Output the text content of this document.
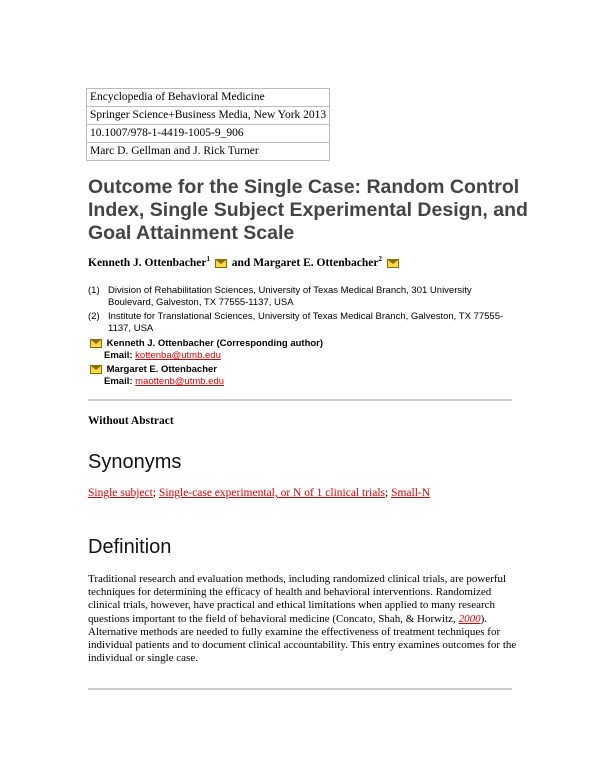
Encyclopedia of Behavioral Medicine
Springer Science+Business Media, New York 2013
10.1007/978-1-4419-1005-9_906
Marc D. Gellman and J. Rick Turner
Outcome for the Single Case: Random Control Index, Single Subject Experimental Design, and Goal Attainment Scale
Kenneth J. Ottenbacher$^1$ and Margaret E. Ottenbacher$^2$
(1) Division of Rehabilitation Sciences, University of Texas Medical Branch, 301 University Boulevard, Galveston, TX 77555-1137, USA
(2) Institute for Translational Sciences, University of Texas Medical Branch, Galveston, TX 77555-1137, USA
Kenneth J. Ottenbacher (Corresponding author)
Email: kottenba@utmb.edu
Margaret E. Ottenbacher
Email: maottenb@utmb.edu
Without Abstract
Synonyms
Single subject; Single-case experimental, or N of 1 clinical trials; Small-N
Definition
Traditional research and evaluation methods, including randomized clinical trials, are powerful techniques for determining the efficacy of health and behavioral interventions. Randomized clinical trials, however, have practical and ethical limitations when applied to many research questions important to the field of behavioral medicine (Concato, Shah, & Horwitz, 2000). Alternative methods are needed to fully examine the effectiveness of treatment techniques for individual patients and to document clinical accountability. This entry examines outcomes for the individual or single case.
